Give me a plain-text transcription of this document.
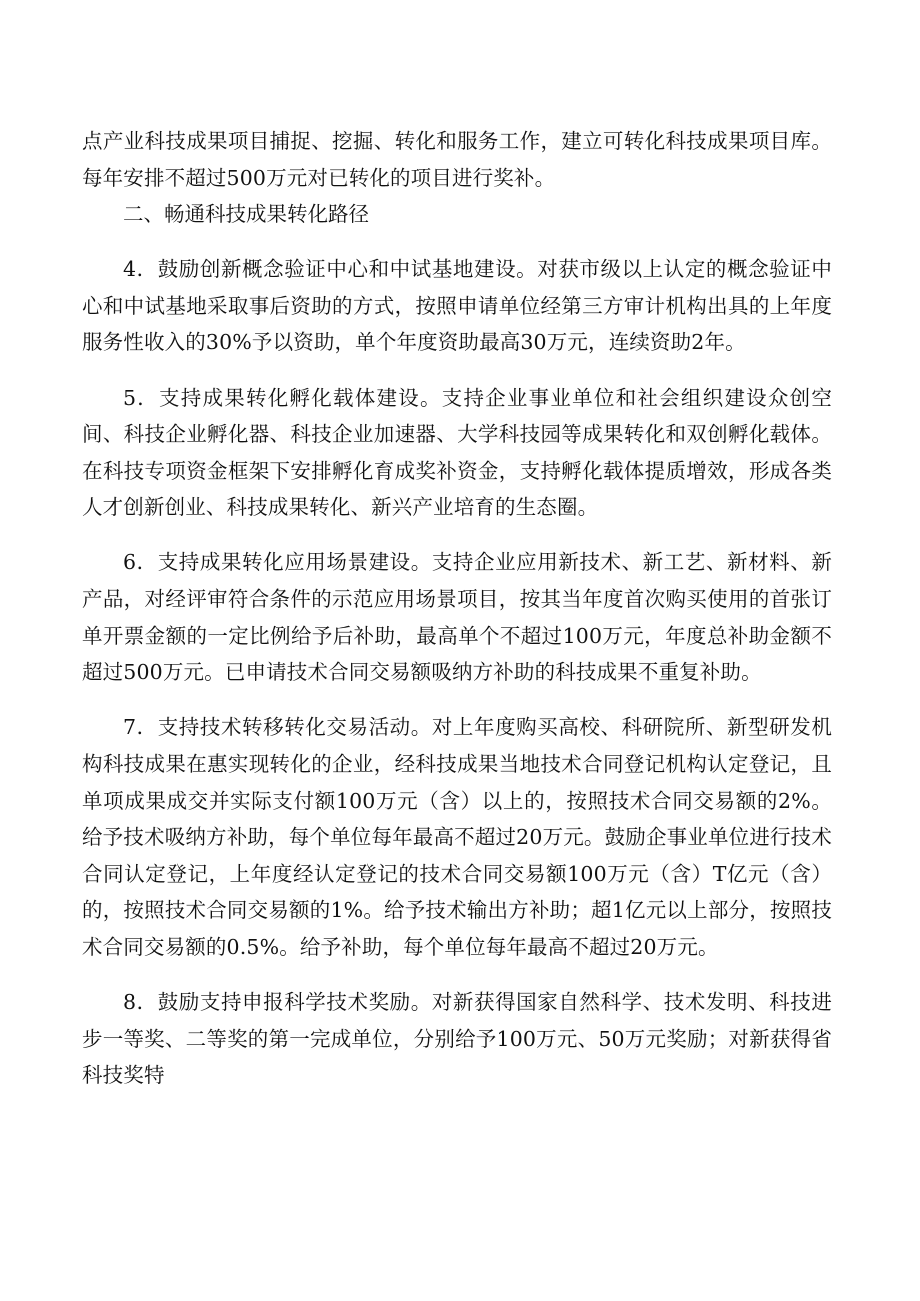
点产业科技成果项目捕捉、挖掘、转化和服务工作，建立可转化科技成果项目库。每年安排不超过500万元对已转化的项目进行奖补。

二、畅通科技成果转化路径

4．鼓励创新概念验证中心和中试基地建设。对获市级以上认定的概念验证中心和中试基地采取事后资助的方式，按照申请单位经第三方审计机构出具的上年度服务性收入的30%予以资助，单个年度资助最高30万元，连续资助2年。

5．支持成果转化孵化载体建设。支持企业事业单位和社会组织建设众创空间、科技企业孵化器、科技企业加速器、大学科技园等成果转化和双创孵化载体。在科技专项资金框架下安排孵化育成奖补资金，支持孵化载体提质增效，形成各类人才创新创业、科技成果转化、新兴产业培育的生态圈。

6．支持成果转化应用场景建设。支持企业应用新技术、新工艺、新材料、新产品，对经评审符合条件的示范应用场景项目，按其当年度首次购买使用的首张订单开票金额的一定比例给予后补助，最高单个不超过100万元，年度总补助金额不超过500万元。已申请技术合同交易额吸纳方补助的科技成果不重复补助。

7．支持技术转移转化交易活动。对上年度购买高校、科研院所、新型研发机构科技成果在惠实现转化的企业，经科技成果当地技术合同登记机构认定登记，且单项成果成交并实际支付额100万元（含）以上的，按照技术合同交易额的2%。给予技术吸纳方补助，每个单位每年最高不超过20万元。鼓励企事业单位进行技术合同认定登记，上年度经认定登记的技术合同交易额100万元（含）T亿元（含）的，按照技术合同交易额的1%。给予技术输出方补助；超1亿元以上部分，按照技术合同交易额的0.5%。给予补助，每个单位每年最高不超过20万元。

8．鼓励支持申报科学技术奖励。对新获得国家自然科学、技术发明、科技进步一等奖、二等奖的第一完成单位，分别给予100万元、50万元奖励；对新获得省科技奖特
